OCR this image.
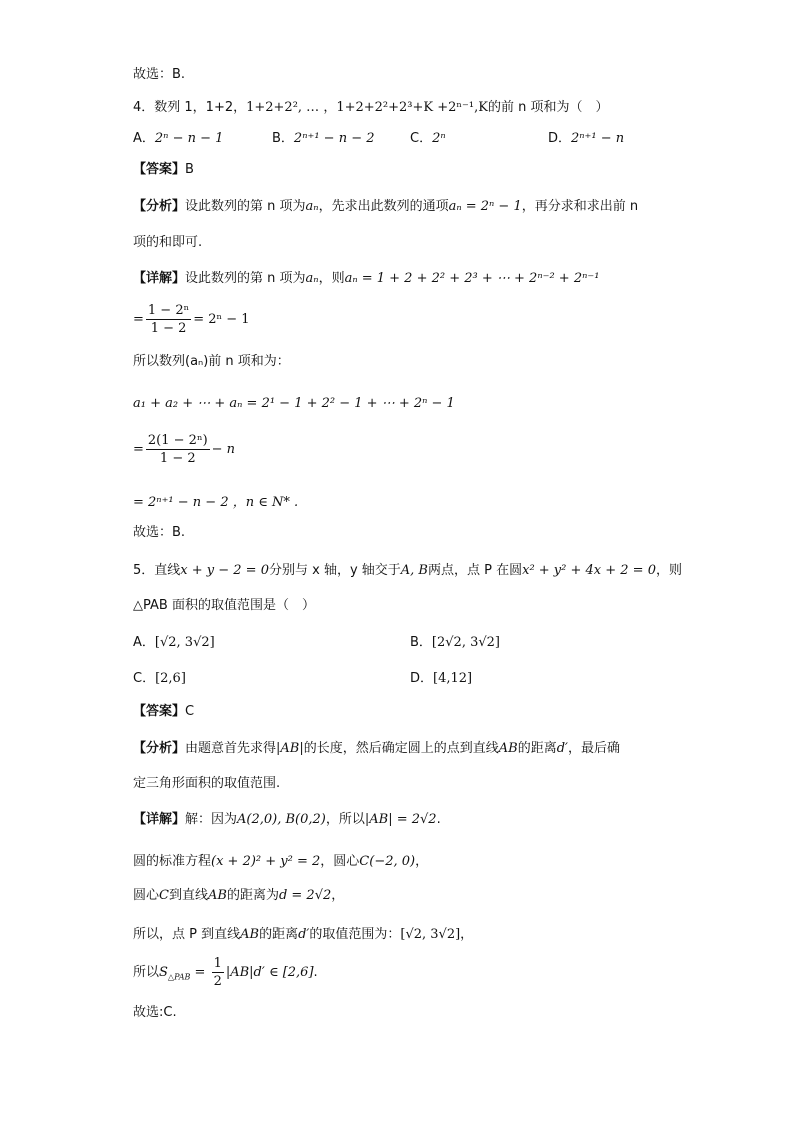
故选：B.
4．数列 1，1+2，1+2+2², … ，1+2+2²+2³+K +2ⁿ⁻¹,K的前 n 项和为（　）
A．2ⁿ − n − 1	B．2ⁿ⁺¹ − n − 2	C．2ⁿ	D．2ⁿ⁺¹ − n
【答案】B
【分析】设此数列的第 n 项为aₙ，先求出此数列的通项aₙ = 2ⁿ − 1，再分求和求出前 n
项的和即可.
【详解】设此数列的第 n 项为aₙ，则aₙ = 1 + 2 + 2² + 2³ + ⋯ + 2ⁿ⁻² + 2ⁿ⁻¹
= $\frac{\text{1 − 2ⁿ}}{1 - 2} = 2^n - 1$
所以数列(aₙ)前 n 项和为：
a₁ + a₂ + ⋯ + aₙ = 2¹ − 1 + 2² − 1 + ⋯ + 2ⁿ − 1
= $\frac{\text{2(1 − 2ⁿ)}}{1 - 2} - n$
= 2ⁿ⁺¹ − n − 2 ，n ∈ N* .
故选：B.
5．直线x + y − 2 = 0分别与 x 轴，y 轴交于A, B两点，点 P 在圆x² + y² + 4x + 2 = 0，则
△PAB 面积的取值范围是（　）
A．[√2, 3√2]	B．[2√2, 3√2]
C．[2,6]	D．[4,12]
【答案】C
【分析】由题意首先求得|AB|的长度，然后确定圆上的点到直线AB的距离d′，最后确
定三角形面积的取值范围.
【详解】解：因为A(2,0), B(0,2)，所以|AB| = 2√2.
圆的标准方程(x + 2)² + y² = 2，圆心C(−2, 0)，
圆心C到直线AB的距离为d = 2√2，
所以，点 P 到直线AB的距离d′的取值范围为：[√2, 3√2]，
所以$S_{\triangle PAB} = \frac{1}{2} |AB|d'$ ∈ [2,6].
故选:C.
